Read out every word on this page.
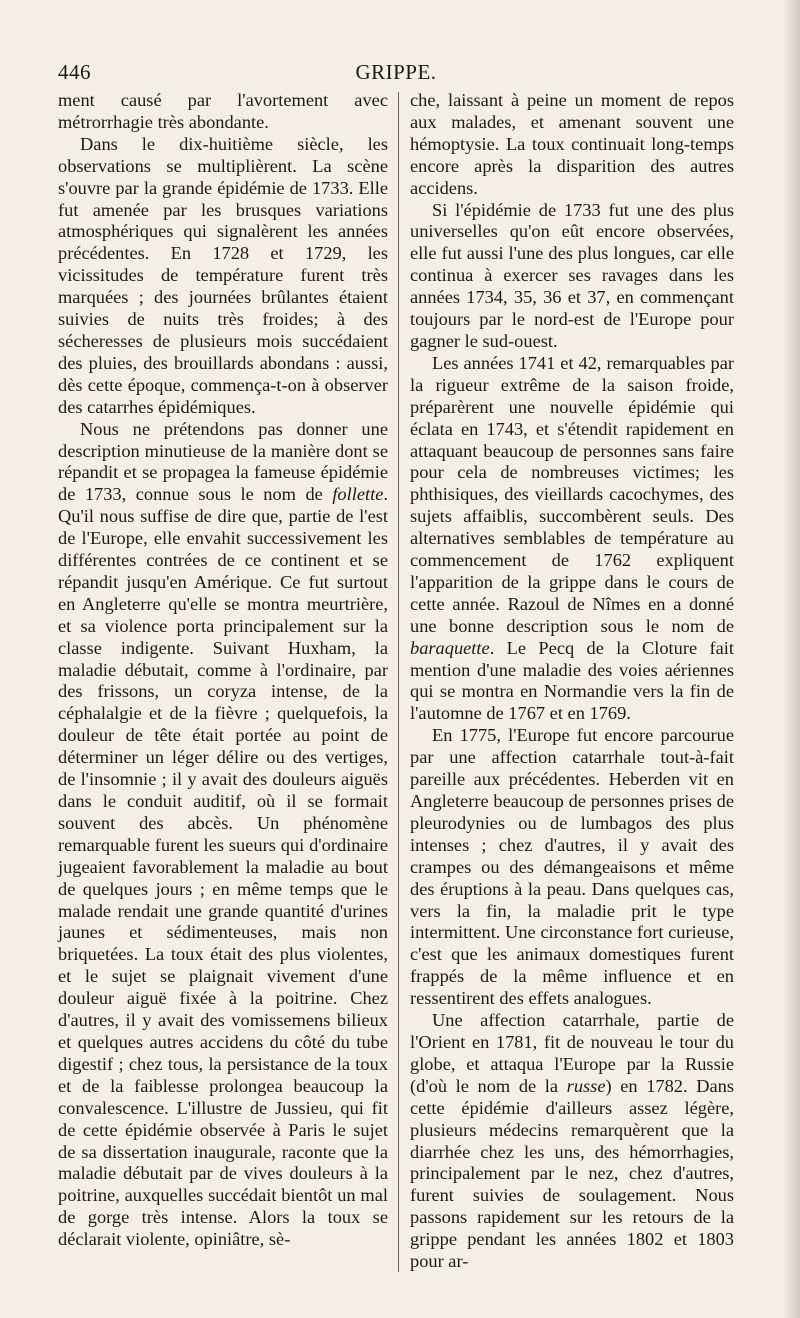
446	GRIPPE.

ment causé par l'avortement avec métrorrhagie très abondante.

Dans le dix-huitième siècle, les observations se multiplièrent. La scène s'ouvre par la grande épidémie de 1733. Elle fut amenée par les brusques variations atmosphériques qui signalèrent les années précédentes. En 1728 et 1729, les vicissitudes de température furent très marquées ; des journées brûlantes étaient suivies de nuits très froides; à des sécheresses de plusieurs mois succédaient des pluies, des brouillards abondans : aussi, dès cette époque, commença-t-on à observer des catarrhes épidémiques.

Nous ne prétendons pas donner une description minutieuse de la manière dont se répandit et se propagea la fameuse épidémie de 1733, connue sous le nom de follette. Qu'il nous suffise de dire que, partie de l'est de l'Europe, elle envahit successivement les différentes contrées de ce continent et se répandit jusqu'en Amérique. Ce fut surtout en Angleterre qu'elle se montra meurtrière, et sa violence porta principalement sur la classe indigente. Suivant Huxham, la maladie débutait, comme à l'ordinaire, par des frissons, un coryza intense, de la céphalalgie et de la fièvre ; quelquefois, la douleur de tête était portée au point de déterminer un léger délire ou des vertiges, de l'insomnie ; il y avait des douleurs aiguës dans le conduit auditif, où il se formait souvent des abcès. Un phénomène remarquable furent les sueurs qui d'ordinaire jugeaient favorablement la maladie au bout de quelques jours ; en même temps que le malade rendait une grande quantité d'urines jaunes et sédimenteuses, mais non briquetées. La toux était des plus violentes, et le sujet se plaignait vivement d'une douleur aiguë fixée à la poitrine. Chez d'autres, il y avait des vomissemens bilieux et quelques autres accidens du côté du tube digestif ; chez tous, la persistance de la toux et de la faiblesse prolongea beaucoup la convalescence. L'illustre de Jussieu, qui fit de cette épidémie observée à Paris le sujet de sa dissertation inaugurale, raconte que la maladie débutait par de vives douleurs à la poitrine, auxquelles succédait bientôt un mal de gorge très intense. Alors la toux se déclarait violente, opiniâtre, sè-

che, laissant à peine un moment de repos aux malades, et amenant souvent une hémoptysie. La toux continuait long-temps encore après la disparition des autres accidens.

Si l'épidémie de 1733 fut une des plus universelles qu'on eût encore observées, elle fut aussi l'une des plus longues, car elle continua à exercer ses ravages dans les années 1734, 35, 36 et 37, en commençant toujours par le nord-est de l'Europe pour gagner le sud-ouest.

Les années 1741 et 42, remarquables par la rigueur extrême de la saison froide, préparèrent une nouvelle épidémie qui éclata en 1743, et s'étendit rapidement en attaquant beaucoup de personnes sans faire pour cela de nombreuses victimes; les phthisiques, des vieillards cacochymes, des sujets affaiblis, succombèrent seuls. Des alternatives semblables de température au commencement de 1762 expliquent l'apparition de la grippe dans le cours de cette année. Razoul de Nîmes en a donné une bonne description sous le nom de baraquette. Le Pecq de la Cloture fait mention d'une maladie des voies aériennes qui se montra en Normandie vers la fin de l'automne de 1767 et en 1769.

En 1775, l'Europe fut encore parcourue par une affection catarrhale tout-à-fait pareille aux précédentes. Heberden vit en Angleterre beaucoup de personnes prises de pleurodynies ou de lumbagos des plus intenses ; chez d'autres, il y avait des crampes ou des démangeaisons et même des éruptions à la peau. Dans quelques cas, vers la fin, la maladie prit le type intermittent. Une circonstance fort curieuse, c'est que les animaux domestiques furent frappés de la même influence et en ressentirent des effets analogues.

Une affection catarrhale, partie de l'Orient en 1781, fit de nouveau le tour du globe, et attaqua l'Europe par la Russie (d'où le nom de la russe) en 1782. Dans cette épidémie d'ailleurs assez légère, plusieurs médecins remarquèrent que la diarrhée chez les uns, des hémorrhagies, principalement par le nez, chez d'autres, furent suivies de soulagement. Nous passons rapidement sur les retours de la grippe pendant les années 1802 et 1803 pour ar-
